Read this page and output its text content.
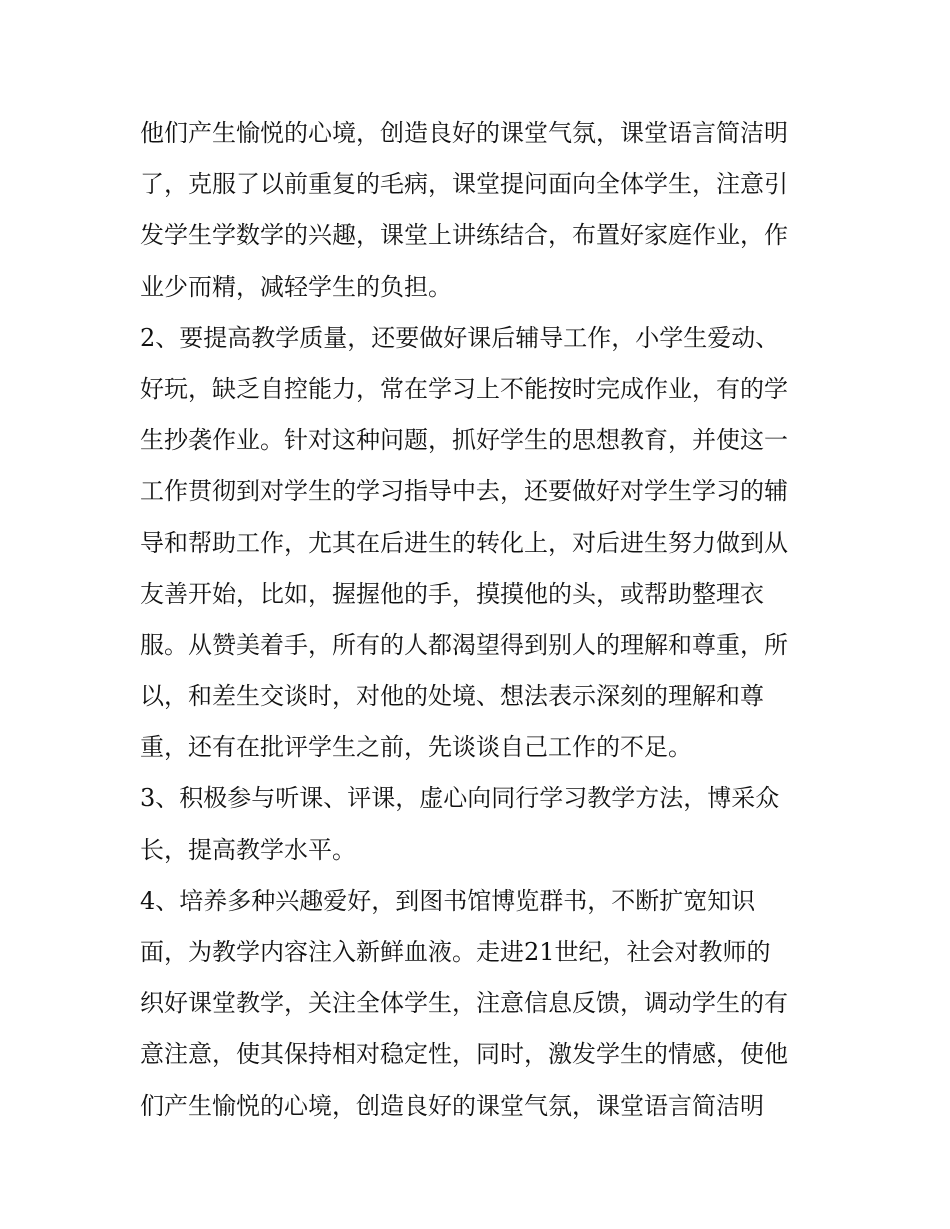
他们产生愉悦的心境，创造良好的课堂气氛，课堂语言简洁明
了，克服了以前重复的毛病，课堂提问面向全体学生，注意引
发学生学数学的兴趣，课堂上讲练结合，布置好家庭作业，作
业少而精，减轻学生的负担。
2、要提高教学质量，还要做好课后辅导工作，小学生爱动、
好玩，缺乏自控能力，常在学习上不能按时完成作业，有的学
生抄袭作业。针对这种问题，抓好学生的思想教育，并使这一
工作贯彻到对学生的学习指导中去，还要做好对学生学习的辅
导和帮助工作，尤其在后进生的转化上，对后进生努力做到从
友善开始，比如，握握他的手，摸摸他的头，或帮助整理衣
服。从赞美着手，所有的人都渴望得到别人的理解和尊重，所
以，和差生交谈时，对他的处境、想法表示深刻的理解和尊
重，还有在批评学生之前，先谈谈自己工作的不足。
3、积极参与听课、评课，虚心向同行学习教学方法，博采众
长，提高教学水平。
4、培养多种兴趣爱好，到图书馆博览群书，不断扩宽知识
面，为教学内容注入新鲜血液。走进21世纪，社会对教师的
织好课堂教学，关注全体学生，注意信息反馈，调动学生的有
意注意，使其保持相对稳定性，同时，激发学生的情感，使他
们产生愉悦的心境，创造良好的课堂气氛，课堂语言简洁明
